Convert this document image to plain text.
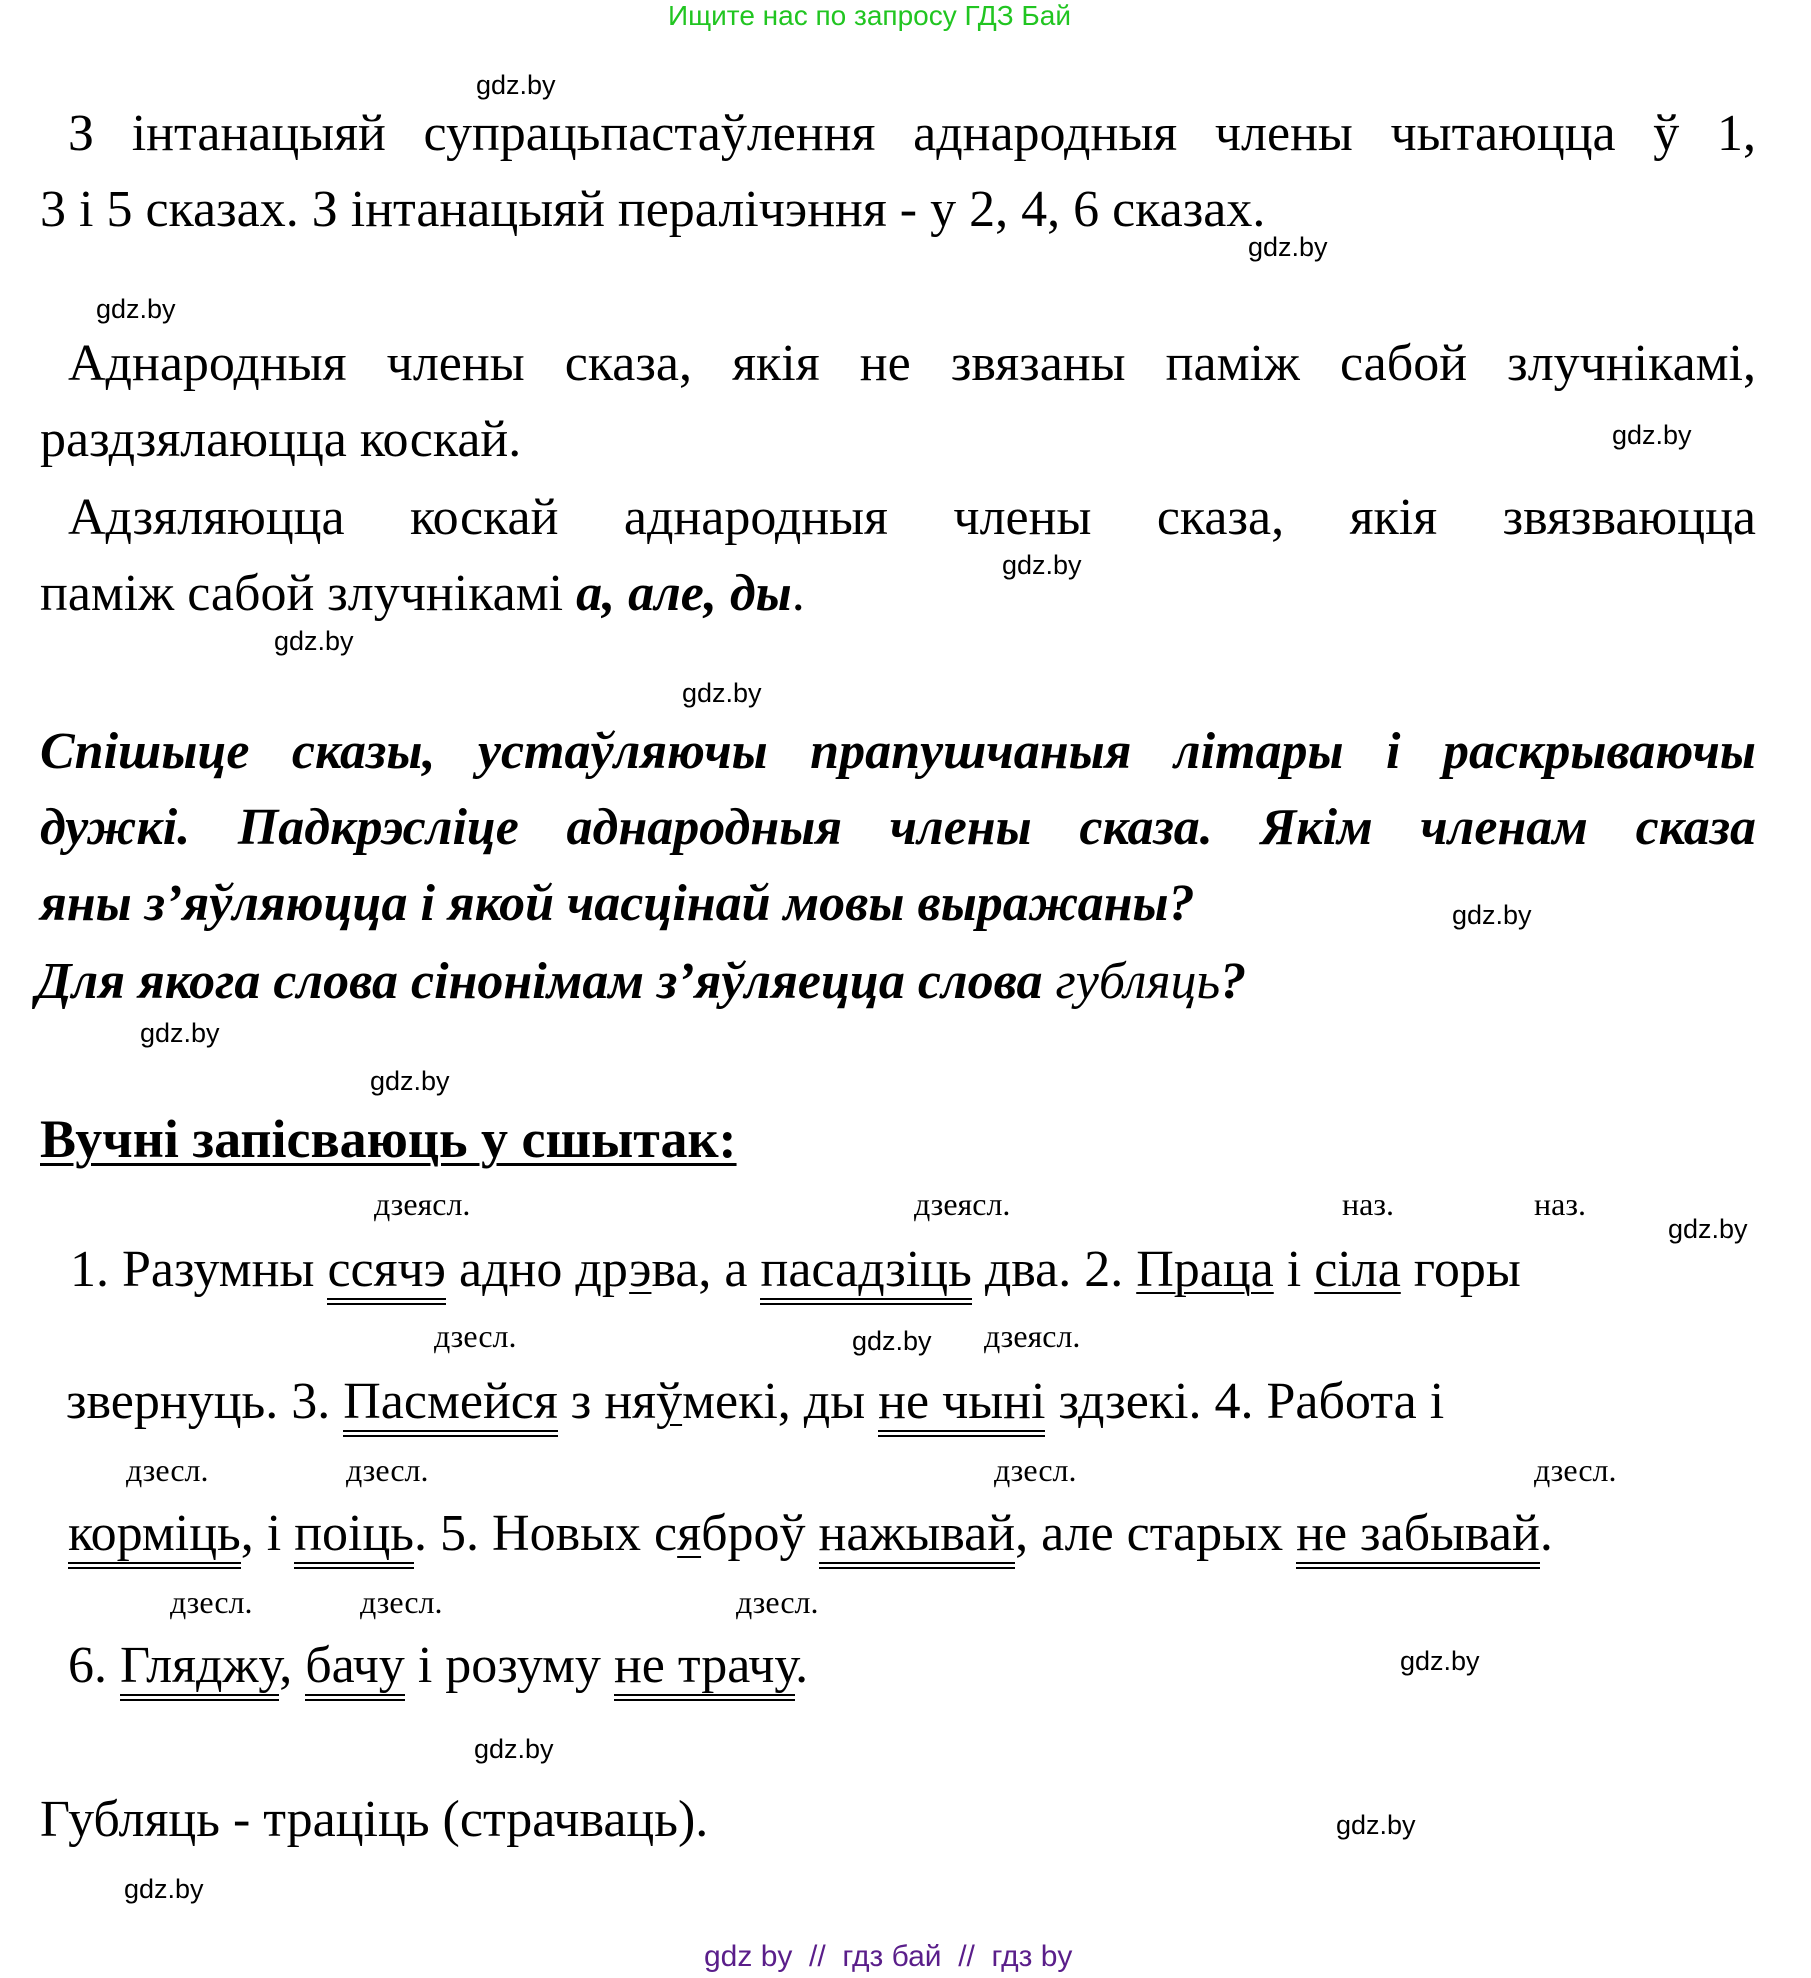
Ищите нас по запросу ГДЗ Бай
gdz.by
gdz.by
gdz.by
gdz.by
gdz.by
gdz.by
gdz.by
gdz.by
gdz.by
gdz.by
gdz.by
gdz.by
gdz.by
gdz.by
gdz.by
gdz.by
З інтанацыяй супрацьпастаўлення аднародныя члены чытаюцца ў 1,
3 і 5 сказах. З інтанацыяй пералічэння - у 2, 4, 6 сказах.
Аднародныя члены сказа, якія не звязаны паміж сабой злучнікамі,
раздзялаюцца коскай.
Адзяляюцца коскай аднародныя члены сказа, якія звязваюцца
паміж сабой злучнікамі а, але, ды.
Спішыце сказы, устаўляючы прапушчаныя літары і раскрываючы
дужкі. Падкрэсліце аднародныя члены сказа. Якім членам сказа
яны з’яўляюцца і якой часцінай мовы выражаны?
Для якога слова сінонімам з’яўляецца слова губляць?
Вучні запісваюць у сшытак:
дзеясл.	дзеясл.	наз.	наз.
1. Разумны ссячэ адно дрэва, а пасадзіць два. 2. Праца і сіла горы
дзесл.	дзеясл.
звернуць. 3. Пасмейся з няўмекі, ды не чыні здзекі. 4. Работа і
дзесл.	дзесл.	дзесл.	дзесл.
корміць, і поіць. 5. Новых сяброў нажывай, але старых не забывай.
дзесл.	дзесл.	дзесл.
6. Гляджу, бачу і розуму не трачу.
Губляць - траціць (страчваць).
gdz by  //  гдз бай  //  гдз by
